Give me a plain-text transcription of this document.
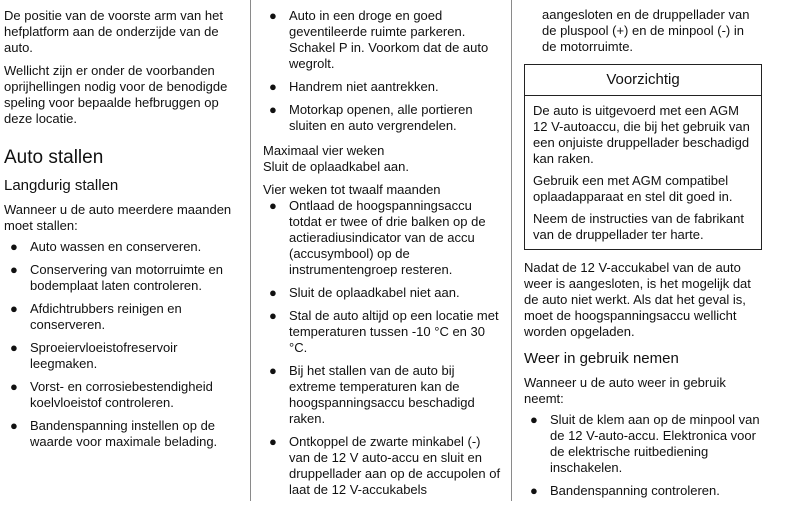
De positie van de voorste arm van het hefplatform aan de onderzijde van de auto.

Wellicht zijn er onder de voorbanden oprijhellingen nodig voor de benodigde speling voor bepaalde hefbruggen op deze locatie.

Auto stallen
Langdurig stallen

Wanneer u de auto meerdere maanden moet stallen:

● Auto wassen en conserveren.
● Conservering van motorruimte en bodemplaat laten controleren.
● Afdichtrubbers reinigen en conserveren.
● Sproeiervloeistofreservoir leegmaken.
● Vorst- en corrosiebestendigheid koelvloeistof controleren.
● Bandenspanning instellen op de waarde voor maximale belading.
● Auto in een droge en goed geventileerde ruimte parkeren. Schakel P in. Voorkom dat de auto wegrolt.
● Handrem niet aantrekken.
● Motorkap openen, alle portieren sluiten en auto vergrendelen.
Maximaal vier weken

Sluit de oplaadkabel aan.

Vier weken tot twaalf maanden
● Ontlaad de hoogspanningsaccu totdat er twee of drie balken op de actieradiusindicator van de accu (accusymbool) op de instrumentengroep resteren.
● Sluit de oplaadkabel niet aan.
● Stal de auto altijd op een locatie met temperaturen tussen -10 °C en 30 °C.
● Bij het stallen van de auto bij extreme temperaturen kan de hoogspanningsaccu beschadigd raken.
● Ontkoppel de zwarte minkabel (-) van de 12 V auto-accu en sluit en druppellader aan op de accupolen of laat de 12 V-accukabels

aangesloten en de druppellader van de pluspool (+) en de minpool (-) in de motorruimte.

Voorzichtig

De auto is uitgevoerd met een AGM 12 V-autoaccu, die bij het gebruik van een onjuiste druppellader beschadigd kan raken.

Gebruik een met AGM compatibel oplaadapparaat en stel dit goed in.

Neem de instructies van de fabrikant van de druppellader ter harte.

Nadat de 12 V-accukabel van de auto weer is aangesloten, is het mogelijk dat de auto niet werkt. Als dat het geval is, moet de hoogspanningsaccu wellicht worden opgeladen.

Weer in gebruik nemen

Wanneer u de auto weer in gebruik neemt:

● Sluit de klem aan op de minpool van de 12 V-auto-accu. Elektronica voor de elektrische ruitbediening inschakelen.
● Bandenspanning controleren.
